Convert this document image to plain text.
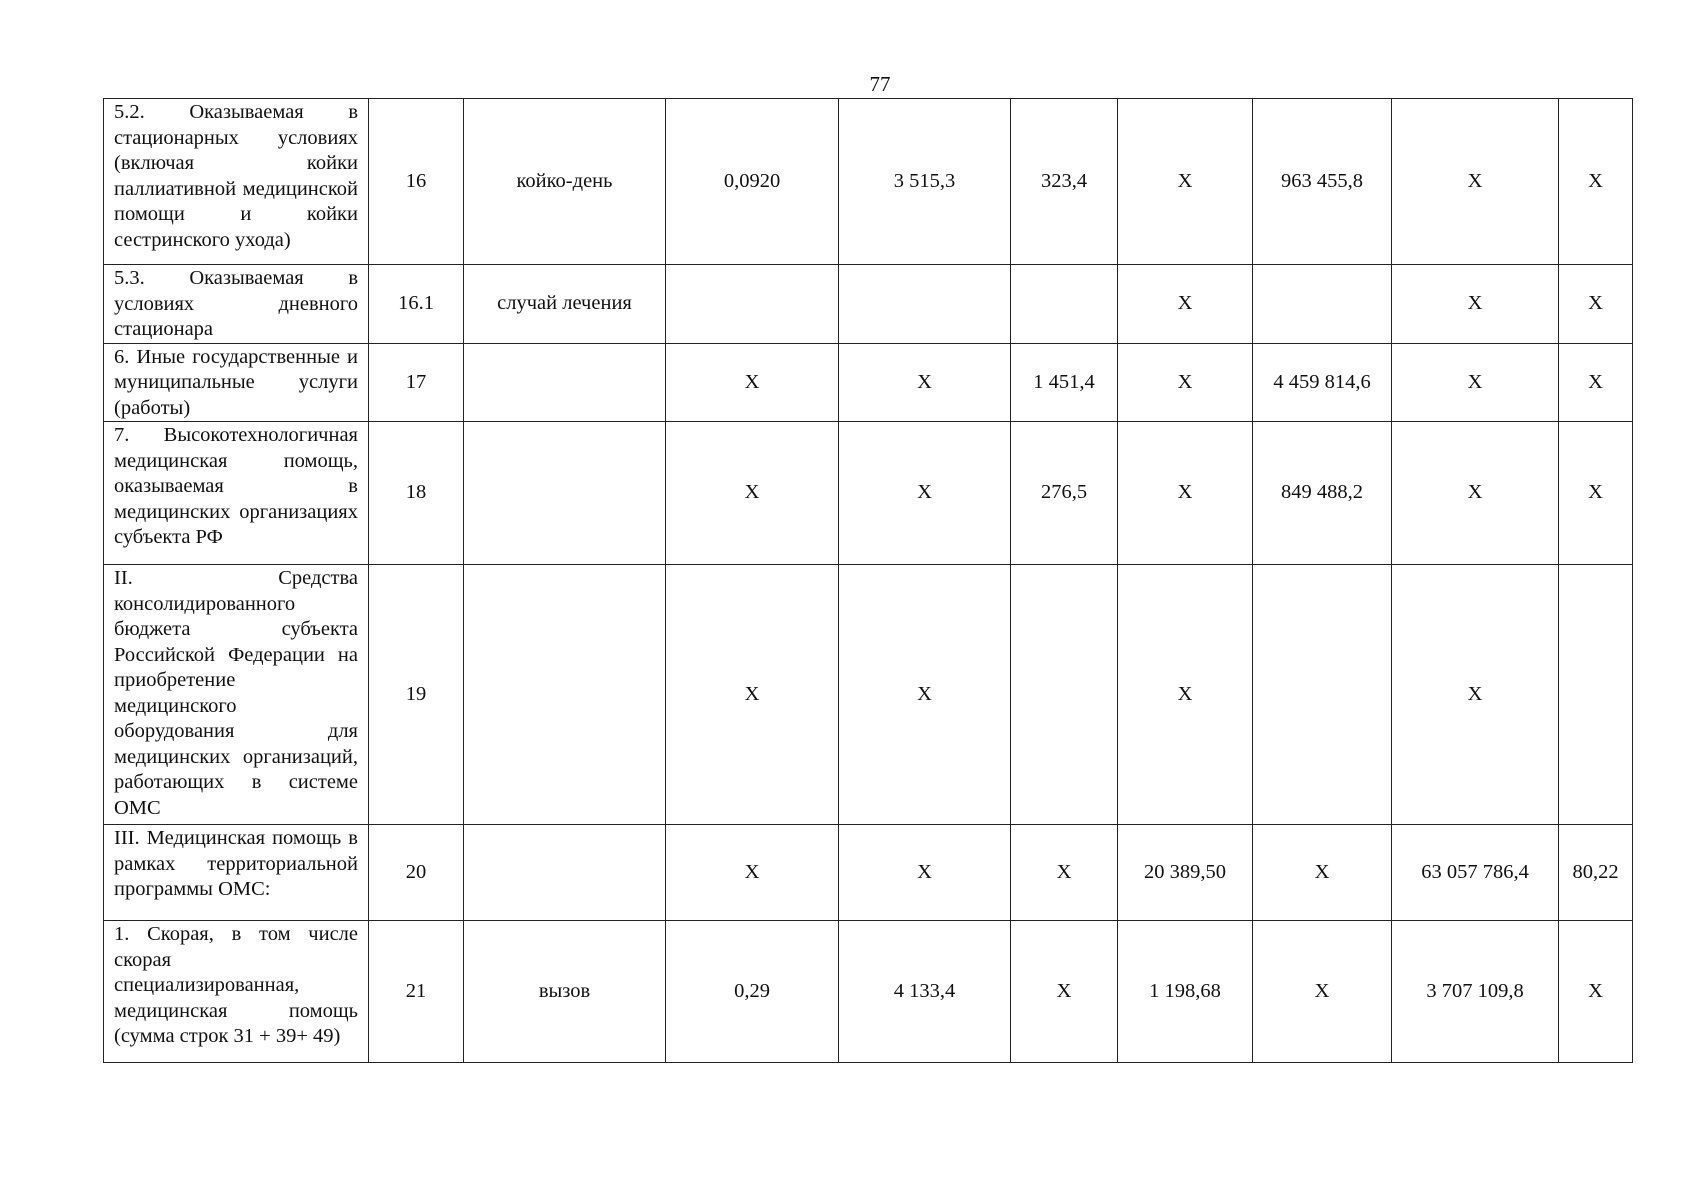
77
5.2. Оказываемая в стационарных условиях (включая койки паллиативной медицинской помощи и койки сестринского ухода)	16	койко-день	0,0920	3 515,3	323,4	X	963 455,8	X	X
5.3. Оказываемая в условиях дневного стационара	16.1	случай лечения				X		X	X
6. Иные государственные и муниципальные услуги (работы)	17		X	X	1 451,4	X	4 459 814,6	X	X
7. Высокотехнологичная медицинская помощь, оказываемая в медицинских организациях субъекта РФ	18		X	X	276,5	X	849 488,2	X	X
II. Средства консолидированного бюджета субъекта Российской Федерации на приобретение медицинского оборудования для медицинских организаций, работающих в системе ОМС	19		X	X		X		X	
III. Медицинская помощь в рамках территориальной программы ОМС:	20		X	X	X	20 389,50	X	63 057 786,4	80,22
1. Скорая, в том числе скорая специализированная, медицинская помощь (сумма строк 31 + 39+ 49)	21	вызов	0,29	4 133,4	X	1 198,68	X	3 707 109,8	X
